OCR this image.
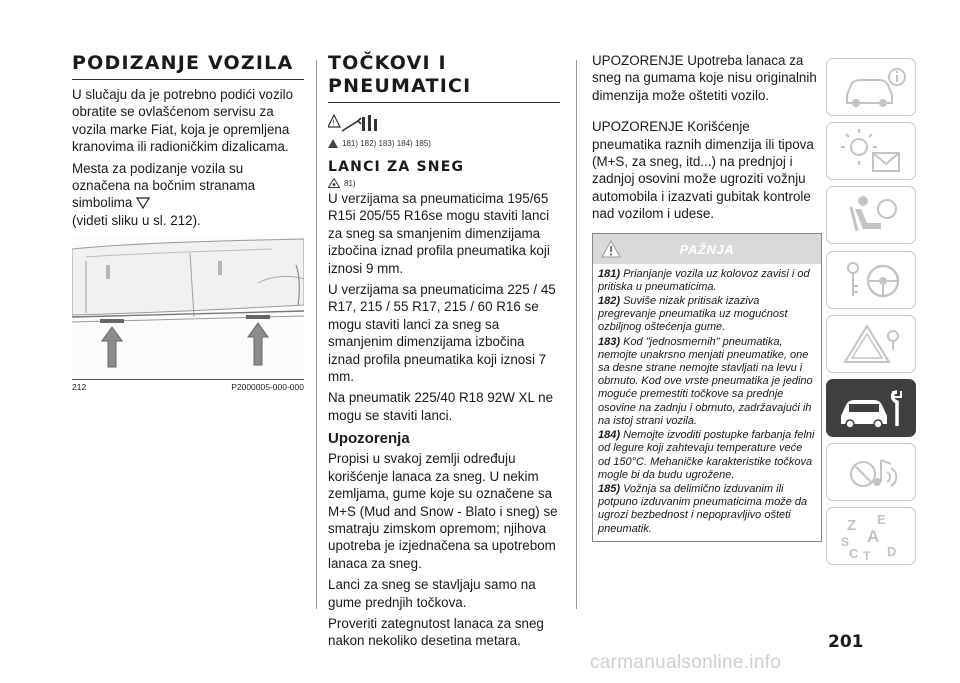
PODIZANJE VOZILA

U slučaju da je potrebno podići vozilo obratite se ovlašćenom servisu za vozila marke Fiat, koja je opremljena kranovima ili radioničkim dizalicama.

Mesta za podizanje vozila su označena na bočnim stranama simbolima
(videti sliku u sl. 212).

212	P2000005-000-000
TOČKOVI I PNEUMATICI
!
181) 182) 183) 184) 185)
LANCI ZA SNEG
81)

U verzijama sa pneumaticima 195/65 R15i 205/55 R16se mogu staviti lanci za sneg sa smanjenim dimenzijama izbočina iznad profila pneumatika koji iznosi 9 mm.

U verzijama sa pneumaticima 225 / 45 R17, 215 / 55 R17, 215 / 60 R16 se mogu staviti lanci za sneg sa smanjenim dimenzijama izbočina iznad profila pneumatika koji iznosi 7 mm.

Na pneumatik 225/40 R18 92W XL ne mogu se staviti lanci.

Upozorenja

Propisi u svakoj zemlji određuju korišćenje lanaca za sneg. U nekim zemljama, gume koje su označene sa M+S (Mud and Snow - Blato i sneg) se smatraju zimskom opremom; njihova upotreba je izjednačena sa upotrebom lanaca za sneg.

Lanci za sneg se stavljaju samo na gume prednjih točkova.

Proveriti zategnutost lanaca za sneg nakon nekoliko desetina metara.

UPOZORENJE Upotreba lanaca za sneg na gumama koje nisu originalnih dimenzija može oštetiti vozilo.

UPOZORENJE Korišćenje pneumatika raznih dimenzija ili tipova (M+S, za sneg, itd...) na prednjoj i zadnjoj osovini može ugroziti vožnju automobila i izazvati gubitak kontrole nad vozilom i udese.

PAŽNJA

181) Prianjanje vozila uz kolovoz zavisi i od pritiska u pneumaticima.

182) Suviše nizak pritisak izaziva pregrevanje pneumatika uz mogućnost ozbiljnog oštećenja gume.

183) Kod "jednosmernih" pneumatika, nemojte unakrsno menjati pneumatike, one sa desne strane nemojte stavljati na levu i obrnuto. Kod ove vrste pneumatika je jedino moguće premestiti točkove sa prednje osovine na zadnju i obrnuto, zadržavajući ih na istoj strani vozila.

184) Nemojte izvoditi postupke farbanja felni od legure koji zahtevaju temperature veće od 150°C. Mehaničke karakteristike točkova mogle bi da budu ugrožene.

185) Vožnja sa delimično izduvanim ili potpuno izduvanim pneumaticima može da ugrozi bezbednost i nepopravljivo ošteti pneumatik.	Z E
A
C T D
S
201
carmanualsonline.info
